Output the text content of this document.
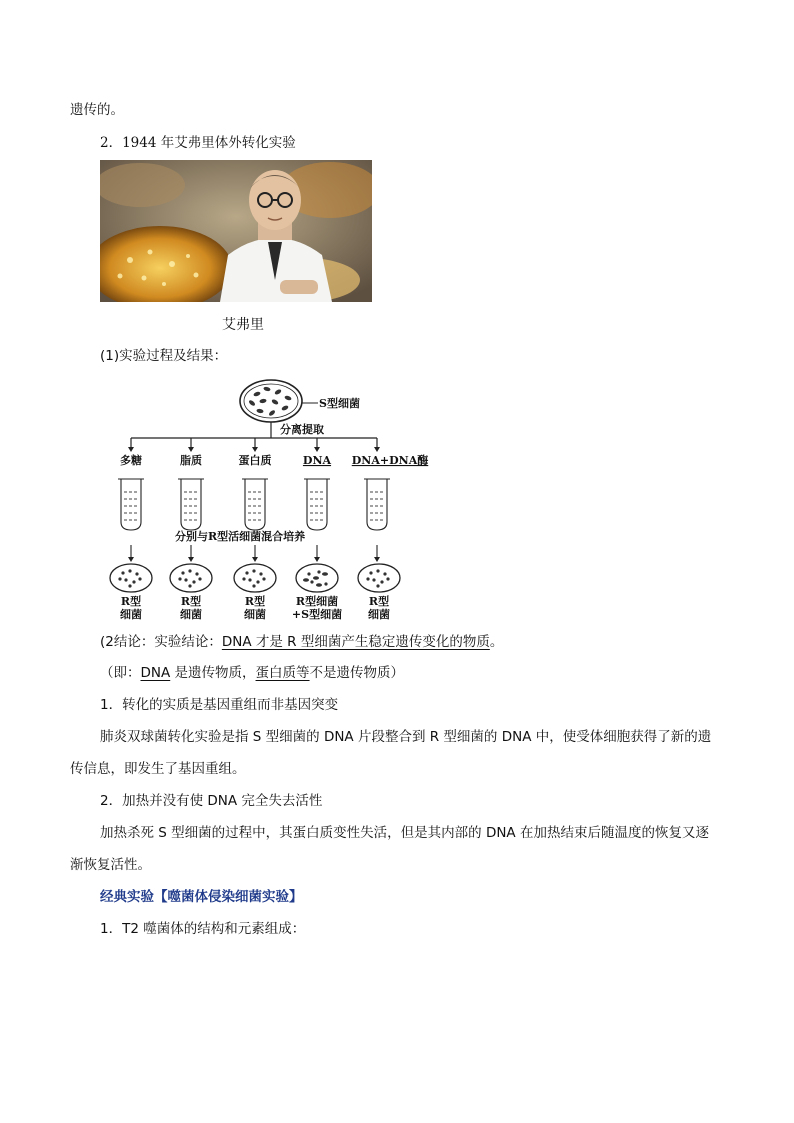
遗传的。
2．1944 年艾弗里体外转化实验
艾弗里
(1)实验过程及结果：
S型细菌
分离提取
多糖	脂质	蛋白质	DNA DNA+DNA酶
分别与R型活细菌混合培养
R型
细菌
R型
细菌
R型
细菌
R型细菌
+S型细菌
R型
细菌
(2结论：实验结论：DNA 才是 R 型细菌产生稳定遗传变化的物质。
（即：DNA 是遗传物质，蛋白质等不是遗传物质）
1．转化的实质是基因重组而非基因突变
肺炎双球菌转化实验是指 S 型细菌的 DNA 片段整合到 R 型细菌的 DNA 中，使受体细胞获得了新的遗
传信息，即发生了基因重组。
2．加热并没有使 DNA 完全失去活性
加热杀死 S 型细菌的过程中，其蛋白质变性失活，但是其内部的 DNA 在加热结束后随温度的恢复又逐
渐恢复活性。
经典实验【噬菌体侵染细菌实验】
1．T2 噬菌体的结构和元素组成：
